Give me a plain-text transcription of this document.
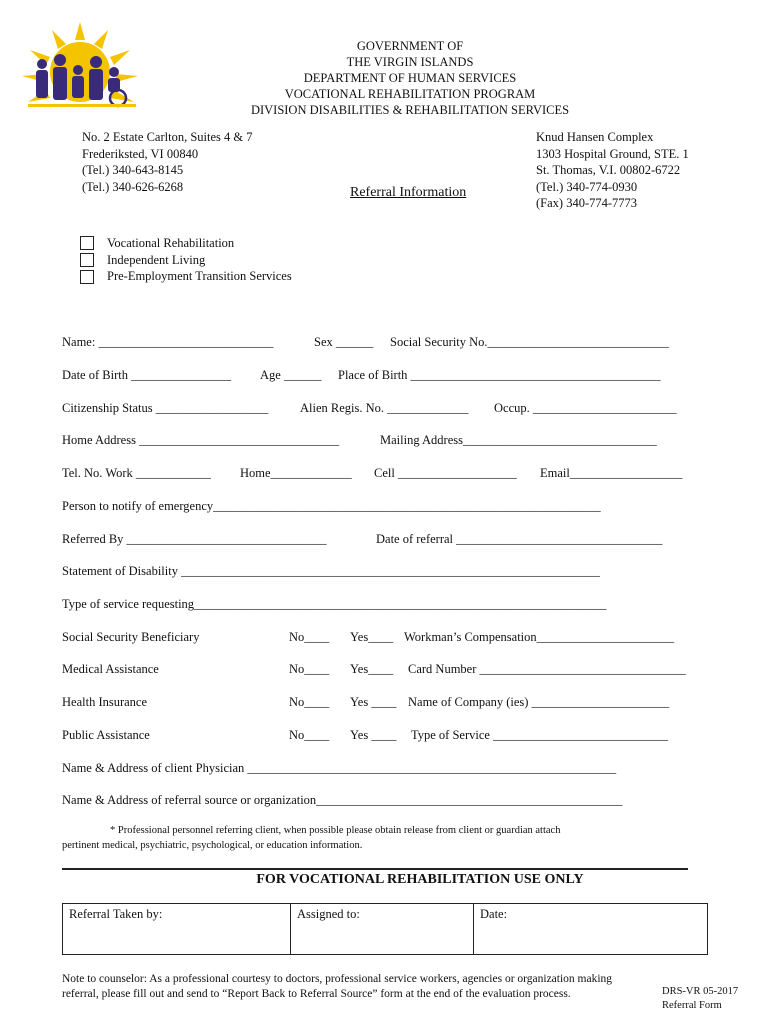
GOVERNMENT OF
THE VIRGIN ISLANDS
DEPARTMENT OF HUMAN SERVICES
VOCATIONAL REHABILITATION PROGRAM
DIVISION DISABILITIES & REHABILITATION SERVICES
No. 2 Estate Carlton, Suites 4 & 7
Frederiksted, VI 00840
(Tel.) 340-643-8145
(Tel.) 340-626-6268
Knud Hansen Complex
1303 Hospital Ground, STE. 1
St. Thomas, V.I. 00802-6722
(Tel.) 340-774-0930
(Fax) 340-774-7773
Referral Information
Vocational Rehabilitation
Independent Living
Pre-Employment Transition Services
Name: ____________________________	Sex ______ Social Security No._____________________________
Date of Birth ________________ Age ______ Place of Birth ________________________________________
Citizenship Status __________________	Alien Regis. No. _____________ Occup. _______________________
Home Address ________________________________	Mailing Address_______________________________
Tel. No. Work ____________ Home_____________ Cell ___________________ Email__________________
Person to notify of emergency______________________________________________________________
Referred By ________________________________	Date of referral _________________________________
Statement of Disability ___________________________________________________________________
Type of service requesting__________________________________________________________________
Social Security Beneficiary	No____ Yes____ Workman’s Compensation______________________
Medical Assistance	No____ Yes____ Card Number _________________________________
Health Insurance	No____ Yes ____ Name of Company (ies) ______________________
Public Assistance	No____ Yes ____ Type of Service ____________________________
Name & Address of client Physician ___________________________________________________________
Name & Address of referral source or organization_________________________________________________
* Professional personnel referring client, when possible please obtain release from client or guardian attach
pertinent medical, psychiatric, psychological, or education information.
FOR VOCATIONAL REHABILITATION USE ONLY
Referral Taken by:	Assigned to:	Date:
Note to counselor: As a professional courtesy to doctors, professional service workers, agencies or organization making
referral, please fill out and send to “Report Back to Referral Source” form at the end of the evaluation process.	DRS-VR 05-2017
Referral Form
